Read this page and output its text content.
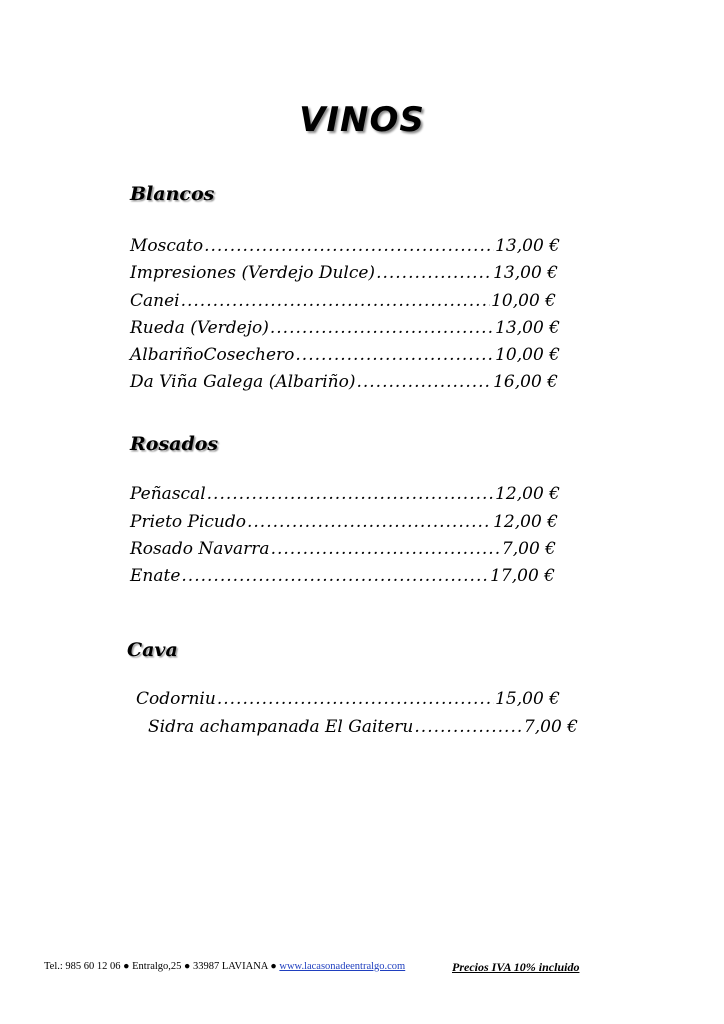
VINOS
Blancos
Moscato .....	13,00 €
Impresiones (Verdejo Dulce) .....	13,00 €
Canei .....	10,00 €
Rueda (Verdejo) .....	13,00 €
AlbariñoCosechero .....	10,00 €
Da Viña Galega (Albariño) .....	16,00 €
Rosados
Peñascal .....	12,00 €
Prieto Picudo .....	12,00 €
Rosado Navarra .....	7,00 €
Enate .....	17,00 €
Cava
Codorniu .....	15,00 €
Sidra achampanada El Gaiteru .....	7,00 €
Tel.: 985 60 12 06 ● Entralgo,25 ● 33987 LAVIANA ● www.lacasonadeentralgo.com	Precios IVA 10% incluido
